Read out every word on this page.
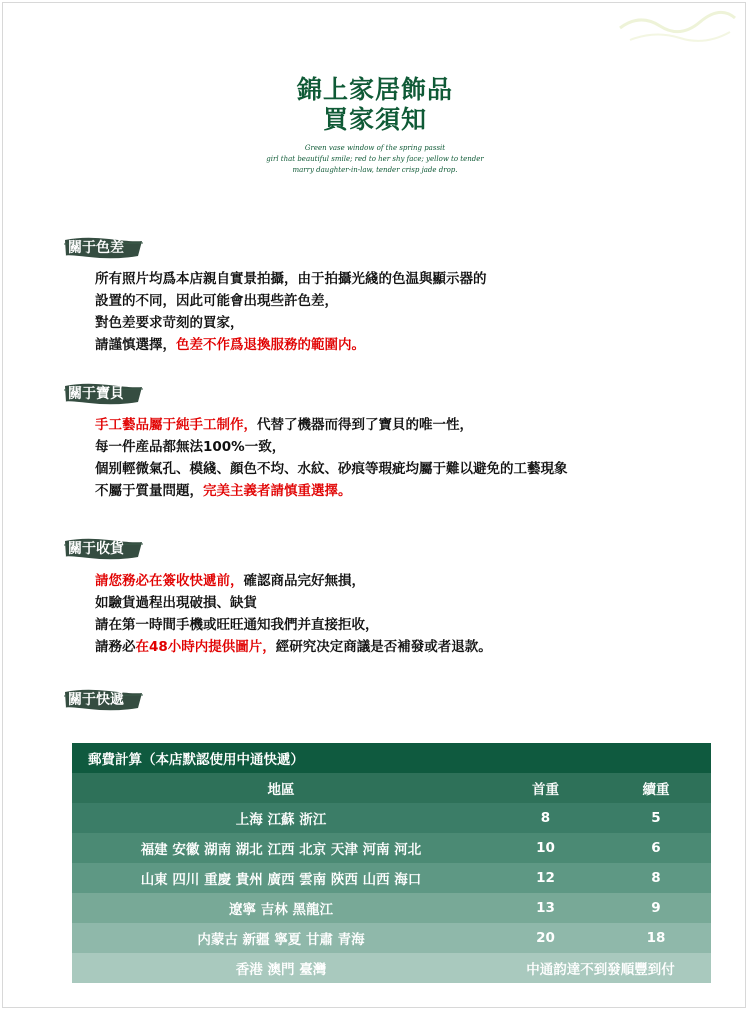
錦上家居飾品
買家須知
Green vase window of the spring passit
girl that beautiful smile; red to her shy face; yellow to tender
marry daughter-in-law, tender crisp jade drop.
關于色差
關于寶貝
關于收貨
關于快遞
所有照片均爲本店親自實景拍攝，由于拍攝光綫的色温與顯示器的
設置的不同，因此可能會出現些許色差，
對色差要求苛刻的買家，
請謹慎選擇，色差不作爲退換服務的範圍内。
手工藝品屬于純手工制作，代替了機器而得到了寶貝的唯一性，
每一件産品都無法100%一致，
個别輕微氣孔、模綫、顔色不均、水紋、砂痕等瑕疵均屬于難以避免的工藝現象
不屬于質量問題，完美主義者請慎重選擇。
請您務必在簽收快遞前，確認商品完好無損，
如驗貨過程出現破損、缺貨
請在第一時間手機或旺旺通知我們并直接拒收，
請務必在48小時内提供圖片，經研究决定商議是否補發或者退款。
郵費計算（本店默認使用中通快遞）		
地區	首重	續重
上海 江蘇 浙江	8	5
福建 安徽 湖南 湖北 江西 北京 天津 河南 河北	10	6
山東 四川 重慶 貴州 廣西 雲南 陝西 山西 海口	12	8
遼寧 吉林 黑龍江	13	9
内蒙古 新疆 寧夏 甘肅 青海	20	18
香港 澳門 臺灣	中通韵達不到發順豐到付	
